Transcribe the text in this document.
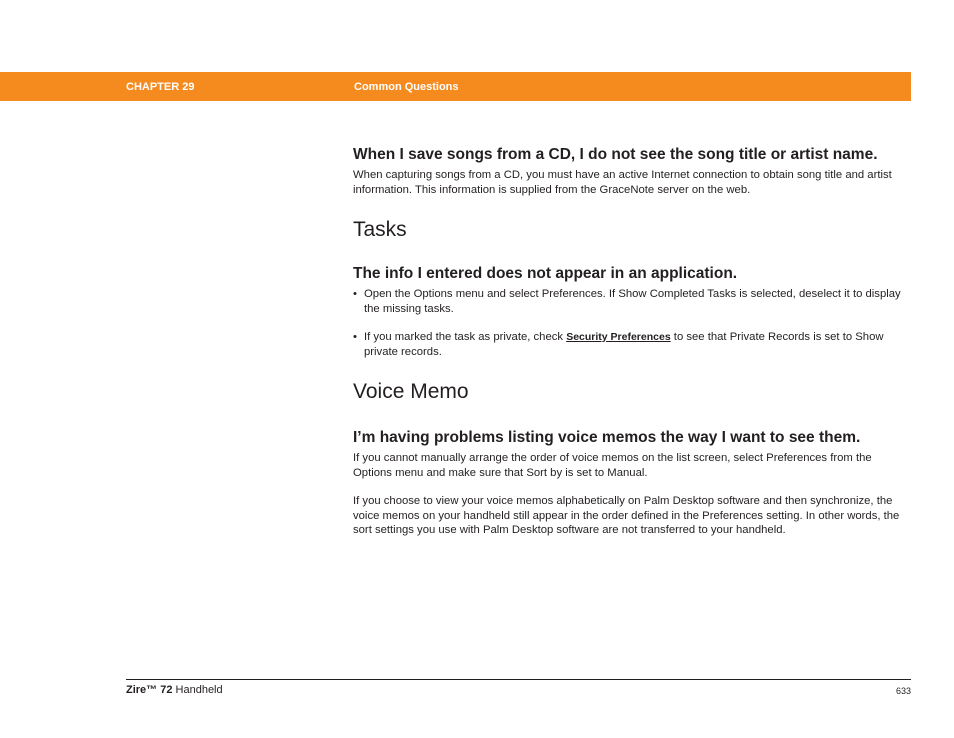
CHAPTER 29	Common Questions
When I save songs from a CD, I do not see the song title or artist name.

When capturing songs from a CD, you must have an active Internet connection to obtain song title and artist information. This information is supplied from the GraceNote server on the web.

Tasks
The info I entered does not appear in an application.
• Open the Options menu and select Preferences. If Show Completed Tasks is selected, deselect it to display the missing tasks.
• If you marked the task as private, check Security Preferences to see that Private Records is set to Show private records.
Voice Memo
I’m having problems listing voice memos the way I want to see them.

If you cannot manually arrange the order of voice memos on the list screen, select Preferences from the Options menu and make sure that Sort by is set to Manual.

If you choose to view your voice memos alphabetically on Palm Desktop software and then synchronize, the voice memos on your handheld still appear in the order defined in the Preferences setting. In other words, the sort settings you use with Palm Desktop software are not transferred to your handheld.

Zire™ 72 Handheld	633
